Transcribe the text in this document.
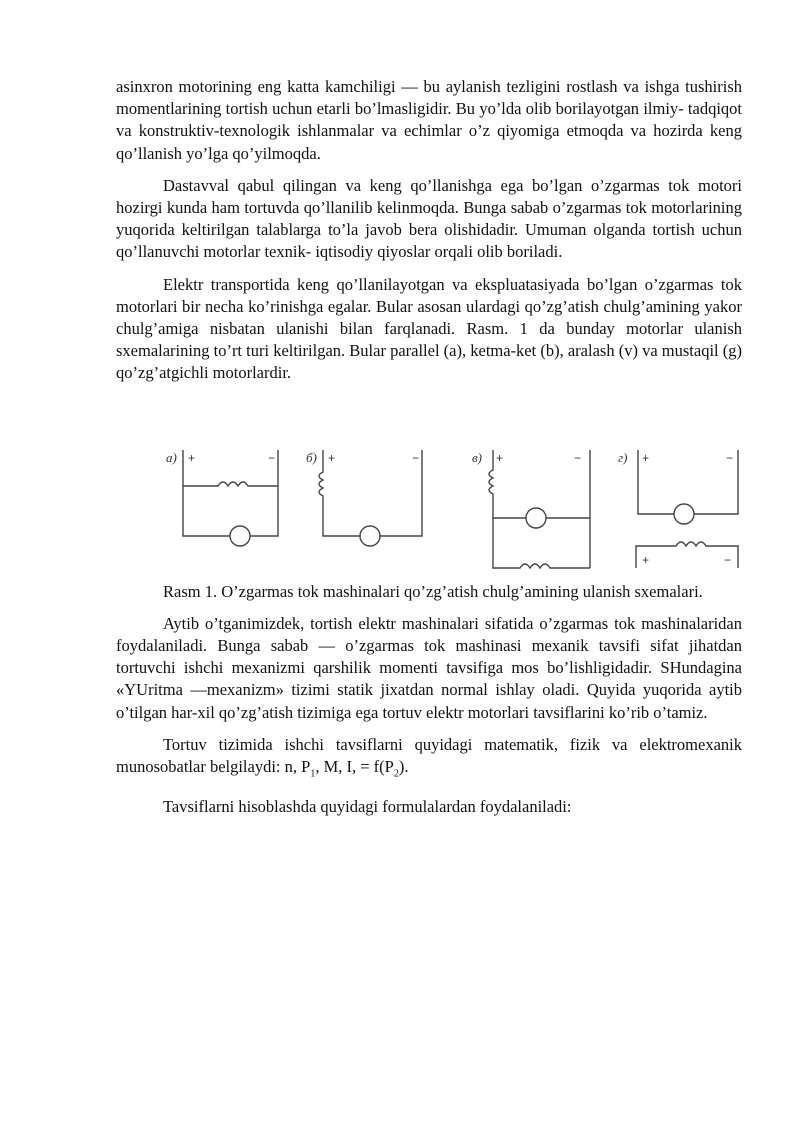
asinxron motorining eng katta kamchiligi — bu aylanish tezligini rostlash va ishga tushirish momentlarining tortish uchun etarli bo’lmasligidir. Bu yo’lda olib borilayotgan ilmiy- tadqiqot va konstruktiv-texnologik ishlanmalar va echimlar o’z qiyomiga etmoqda va hozirda keng qo’llanish yo’lga qo’yilmoqda.

Dastavval qabul qilingan va keng qo’llanishga ega bo’lgan o’zgarmas tok motori hozirgi kunda ham tortuvda qo’llanilib kelinmoqda. Bunga sabab o’zgarmas tok motorlarining yuqorida keltirilgan talablarga to’la javob bera olishidadir. Umuman olganda tortish uchun qo’llanuvchi motorlar texnik- iqtisodiy qiyoslar orqali olib boriladi.

Elektr transportida keng qo’llanilayotgan va ekspluatasiyada bo’lgan o’zgarmas tok motorlari bir necha ko’rinishga egalar. Bular asosan ulardagi qo’zg’atish chulg’amining yakor chulg’amiga nisbatan ulanishi bilan farqlanadi. Rasm. 1 da bunday motorlar ulanish sxemalarining to’rt turi keltirilgan. Bular parallel (a), ketma-ket (b), aralash (v) va mustaqil (g) qo’zg’atgichli motorlardir.

Rasm 1. O’zgarmas tok mashinalari qo’zg’atish chulg’amining ulanish sxemalari.

Aytib o’tganimizdek, tortish elektr mashinalari sifatida o’zgarmas tok mashinalaridan foydalaniladi. Bunga sabab — o’zgarmas tok mashinasi mexanik tavsifi sifat jihatdan tortuvchi ishchi mexanizmi qarshilik momenti tavsifiga mos bo’lishligidadir. SHundagina «YUritma —mexanizm» tizimi statik jixatdan normal ishlay oladi. Quyida yuqorida aytib o’tilgan har-xil qo’zg’atish tizimiga ega tortuv elektr motorlari tavsiflarini ko’rib o’tamiz.

Tortuv tizimida ishchi tavsiflarni quyidagi matematik, fizik va elektromexanik munosobatlar belgilaydi: n, $P_1$, M, I, = $f(P_2)$.

Tavsiflarni hisoblashda quyidagi formulalardan foydalaniladi:

a) +	− б) +	−	в) +	−	г) +	−
+	−
